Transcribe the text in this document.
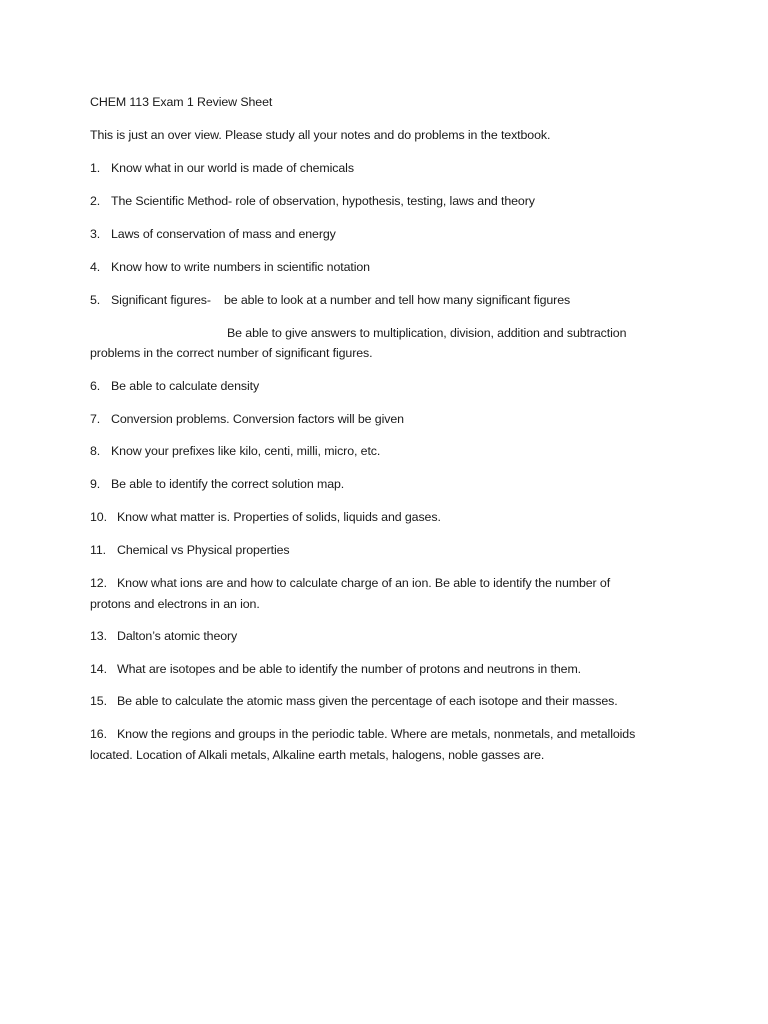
CHEM 113 Exam 1 Review Sheet
This is just an over view. Please study all your notes and do problems in the textbook.
1. Know what in our world is made of chemicals
2. The Scientific Method- role of observation, hypothesis, testing, laws and theory
3. Laws of conservation of mass and energy
4. Know how to write numbers in scientific notation
5. Significant figures- be able to look at a number and tell how many significant figures
Be able to give answers to multiplication, division, addition and subtraction
problems in the correct number of significant figures.
6. Be able to calculate density
7. Conversion problems. Conversion factors will be given
8. Know your prefixes like kilo, centi, milli, micro, etc.
9. Be able to identify the correct solution map.
10. Know what matter is. Properties of solids, liquids and gases.
11. Chemical vs Physical properties
12. Know what ions are and how to calculate charge of an ion. Be able to identify the number of
protons and electrons in an ion.
13. Dalton’s atomic theory
14. What are isotopes and be able to identify the number of protons and neutrons in them.
15. Be able to calculate the atomic mass given the percentage of each isotope and their masses.
16. Know the regions and groups in the periodic table. Where are metals, nonmetals, and metalloids
located. Location of Alkali metals, Alkaline earth metals, halogens, noble gasses are.
